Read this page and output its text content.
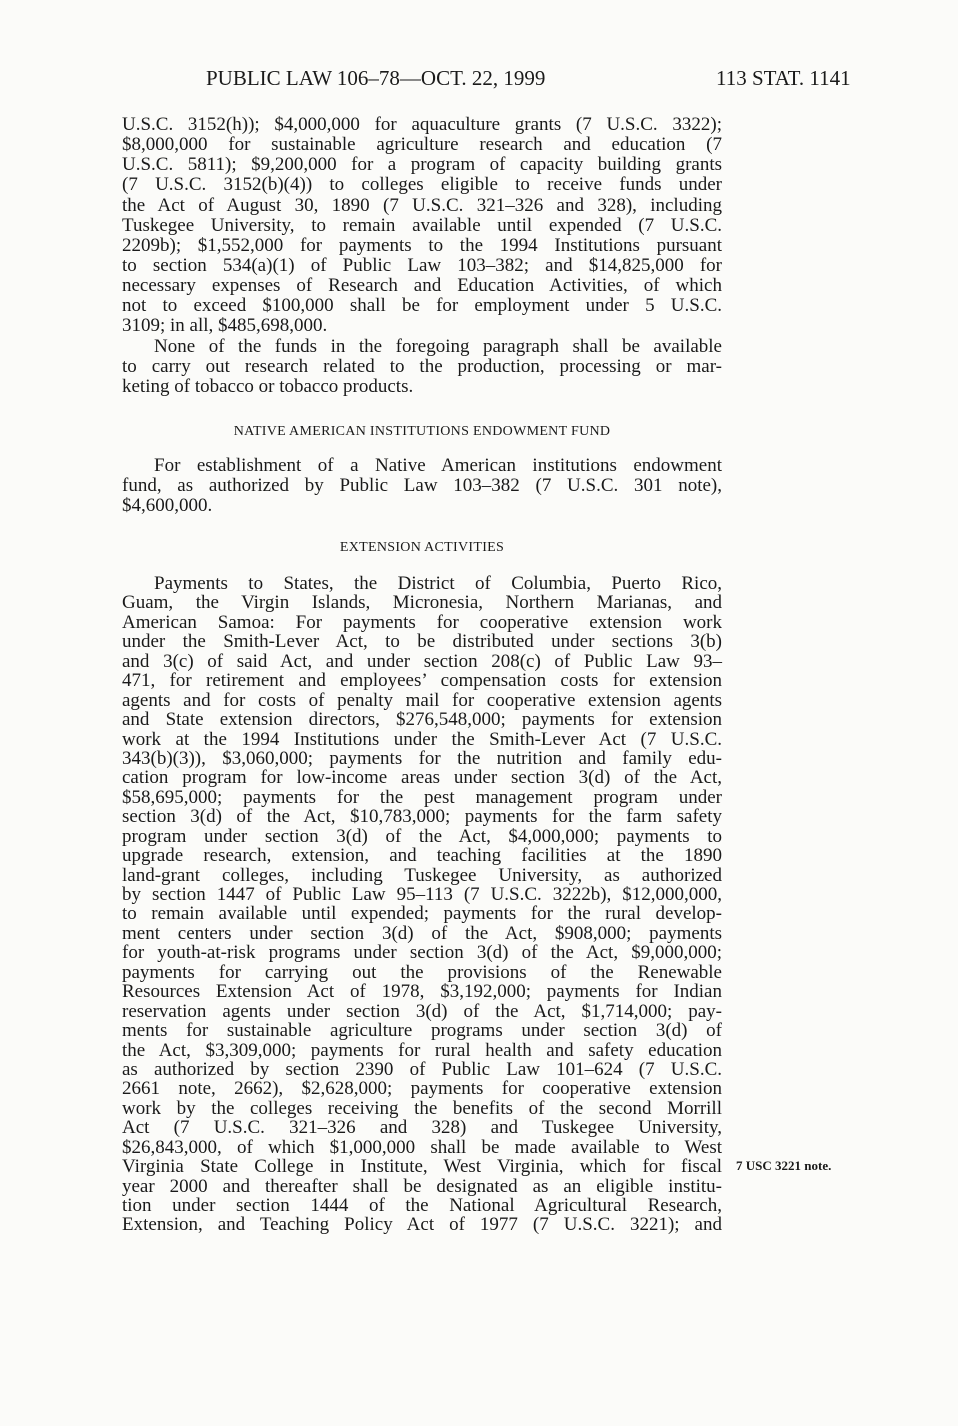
PUBLIC LAW 106–78—OCT. 22, 1999	113 STAT. 1141
U.S.C. 3152(h)); $4,000,000 for aquaculture grants (7 U.S.C. 3322);
$8,000,000 for sustainable agriculture research and education (7
U.S.C. 5811); $9,200,000 for a program of capacity building grants
(7 U.S.C. 3152(b)(4)) to colleges eligible to receive funds under
the Act of August 30, 1890 (7 U.S.C. 321–326 and 328), including
Tuskegee University, to remain available until expended (7 U.S.C.
2209b); $1,552,000 for payments to the 1994 Institutions pursuant
to section 534(a)(1) of Public Law 103–382; and $14,825,000 for
necessary expenses of Research and Education Activities, of which
not to exceed $100,000 shall be for employment under 5 U.S.C.
3109; in all, $485,698,000.
None of the funds in the foregoing paragraph shall be available
to carry out research related to the production, processing or mar-
keting of tobacco or tobacco products.
NATIVE AMERICAN INSTITUTIONS ENDOWMENT FUND
For establishment of a Native American institutions endowment
fund, as authorized by Public Law 103–382 (7 U.S.C. 301 note),
$4,600,000.
EXTENSION ACTIVITIES
Payments to States, the District of Columbia, Puerto Rico,
Guam, the Virgin Islands, Micronesia, Northern Marianas, and
American Samoa: For payments for cooperative extension work
under the Smith-Lever Act, to be distributed under sections 3(b)
and 3(c) of said Act, and under section 208(c) of Public Law 93–
471, for retirement and employees’ compensation costs for extension
agents and for costs of penalty mail for cooperative extension agents
and State extension directors, $276,548,000; payments for extension
work at the 1994 Institutions under the Smith-Lever Act (7 U.S.C.
343(b)(3)), $3,060,000; payments for the nutrition and family edu-
cation program for low-income areas under section 3(d) of the Act,
$58,695,000; payments for the pest management program under
section 3(d) of the Act, $10,783,000; payments for the farm safety
program under section 3(d) of the Act, $4,000,000; payments to
upgrade research, extension, and teaching facilities at the 1890
land-grant colleges, including Tuskegee University, as authorized
by section 1447 of Public Law 95–113 (7 U.S.C. 3222b), $12,000,000,
to remain available until expended; payments for the rural develop-
ment centers under section 3(d) of the Act, $908,000; payments
for youth-at-risk programs under section 3(d) of the Act, $9,000,000;
payments for carrying out the provisions of the Renewable
Resources Extension Act of 1978, $3,192,000; payments for Indian
reservation agents under section 3(d) of the Act, $1,714,000; pay-
ments for sustainable agriculture programs under section 3(d) of
the Act, $3,309,000; payments for rural health and safety education
as authorized by section 2390 of Public Law 101–624 (7 U.S.C.
2661 note, 2662), $2,628,000; payments for cooperative extension
work by the colleges receiving the benefits of the second Morrill
Act (7 U.S.C. 321–326 and 328) and Tuskegee University,
$26,843,000, of which $1,000,000 shall be made available to West
Virginia State College in Institute, West Virginia, which for fiscal
year 2000 and thereafter shall be designated as an eligible institu-
tion under section 1444 of the National Agricultural Research,
Extension, and Teaching Policy Act of 1977 (7 U.S.C. 3221); and
7 USC 3221 note.
